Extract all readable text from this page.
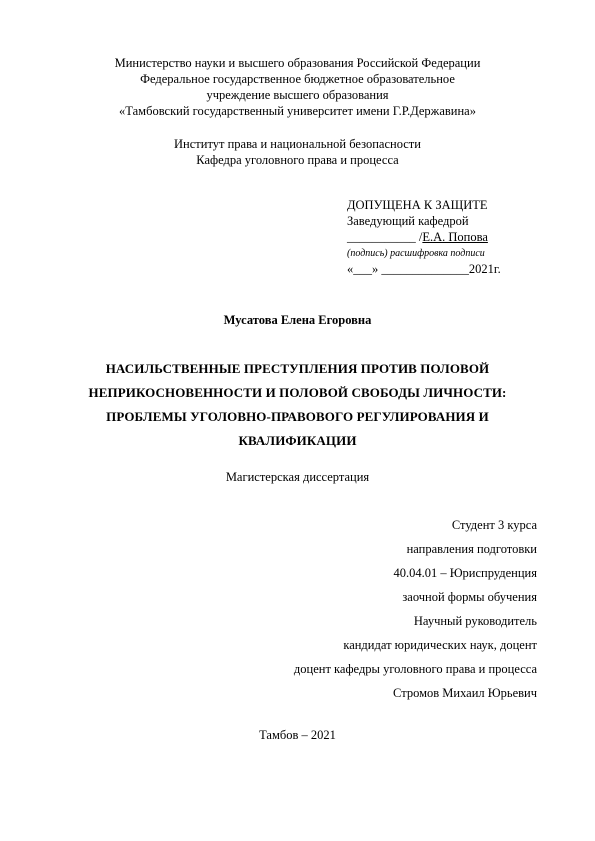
Министерство науки и высшего образования Российской Федерации
Федеральное государственное бюджетное образовательное
учреждение высшего образования
«Тамбовский государственный университет имени Г.Р.Державина»
Институт права и национальной безопасности
Кафедра уголовного права и процесса
ДОПУЩЕНА К ЗАЩИТЕ
Заведующий кафедрой
___________ /Е.А. Попова
(подпись) расшифровка подписи
«___» ______________2021г.
Мусатова Елена Егоровна
НАСИЛЬСТВЕННЫЕ ПРЕСТУПЛЕНИЯ ПРОТИВ ПОЛОВОЙ
НЕПРИКОСНОВЕННОСТИ И ПОЛОВОЙ СВОБОДЫ ЛИЧНОСТИ:
ПРОБЛЕМЫ УГОЛОВНО-ПРАВОВОГО РЕГУЛИРОВАНИЯ И
КВАЛИФИКАЦИИ
Магистерская диссертация
Студент 3 курса
направления подготовки
40.04.01 – Юриспруденция
заочной формы обучения
Научный руководитель
кандидат юридических наук, доцент
доцент кафедры уголовного права и процесса
Стромов Михаил Юрьевич
Тамбов – 2021
